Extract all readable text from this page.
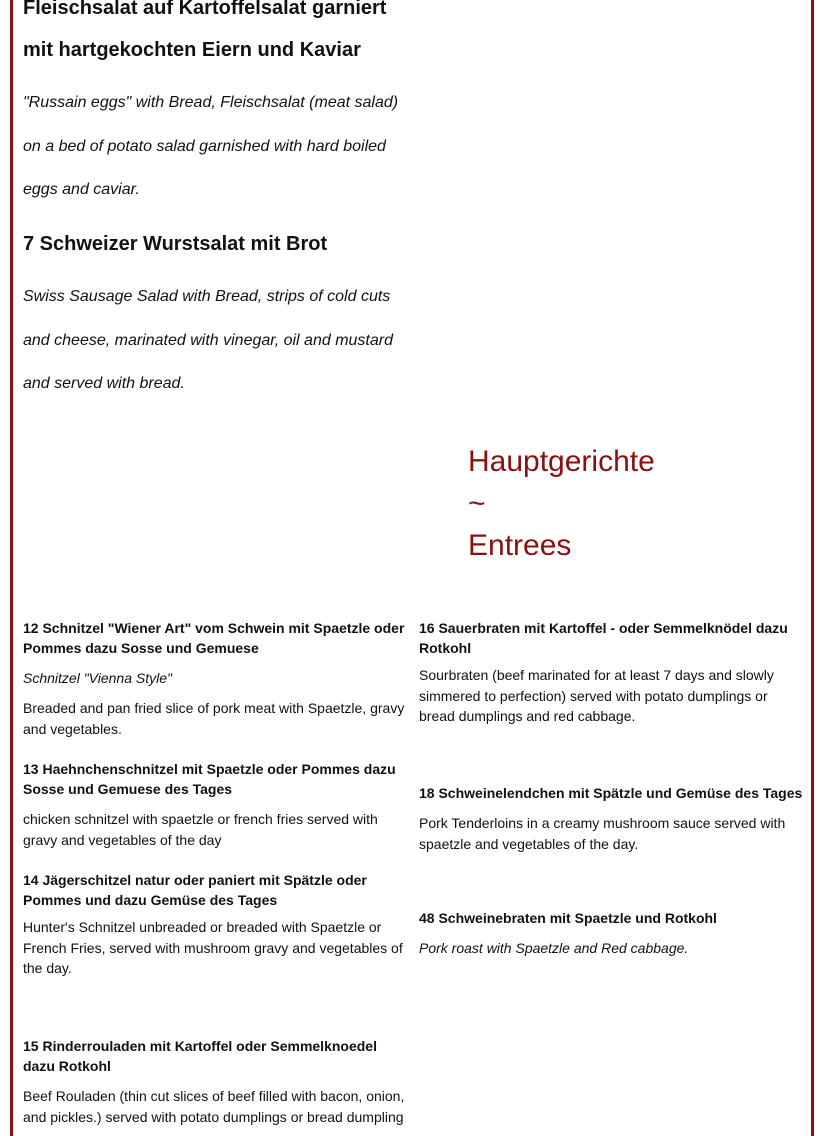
Fleischsalat auf Kartoffelsalat garniert

mit hartgekochten Eiern und Kaviar

"Russain eggs" with Bread, Fleischsalat (meat salad)

on a bed of potato salad garnished with hard boiled

eggs and caviar.

7 Schweizer Wurstsalat mit Brot

Swiss Sausage Salad with Bread, strips of cold cuts

and cheese, marinated with vinegar, oil and mustard

and served with bread.

Hauptgerichte

~

Entrees

12 Schnitzel "Wiener Art" vom Schwein mit Spaetzle oder Pommes dazu Sosse und Gemuese

Schnitzel "Vienna Style"

Breaded and pan fried slice of pork meat with Spaetzle, gravy and vegetables.

13 Haehnchenschnitzel mit Spaetzle oder Pommes dazu Sosse und Gemuese des Tages

chicken schnitzel with spaetzle or french fries served with gravy and vegetables of the day

14 Jägerschitzel natur oder paniert mit Spätzle oder Pommes und dazu Gemüse des Tages

Hunter's Schnitzel unbreaded or breaded with Spaetzle or French Fries, served with mushroom gravy and vegetables of the day.

15 Rinderrouladen mit Kartoffel oder Semmelknoedel dazu Rotkohl

Beef Rouladen (thin cut slices of beef filled with bacon, onion, and pickles.) served with potato dumplings or bread dumpling

16 Sauerbraten mit Kartoffel - oder Semmelknödel dazu Rotkohl

Sourbraten (beef marinated for at least 7 days and slowly simmered to perfection) served with potato dumplings or bread dumplings and red cabbage.

18 Schweinelendchen mit Spätzle und Gemüse des Tages

Pork Tenderloins in a creamy mushroom sauce served with spaetzle and vegetables of the day.

48 Schweinebraten mit Spaetzle und Rotkohl

Pork roast with Spaetzle and Red cabbage.
